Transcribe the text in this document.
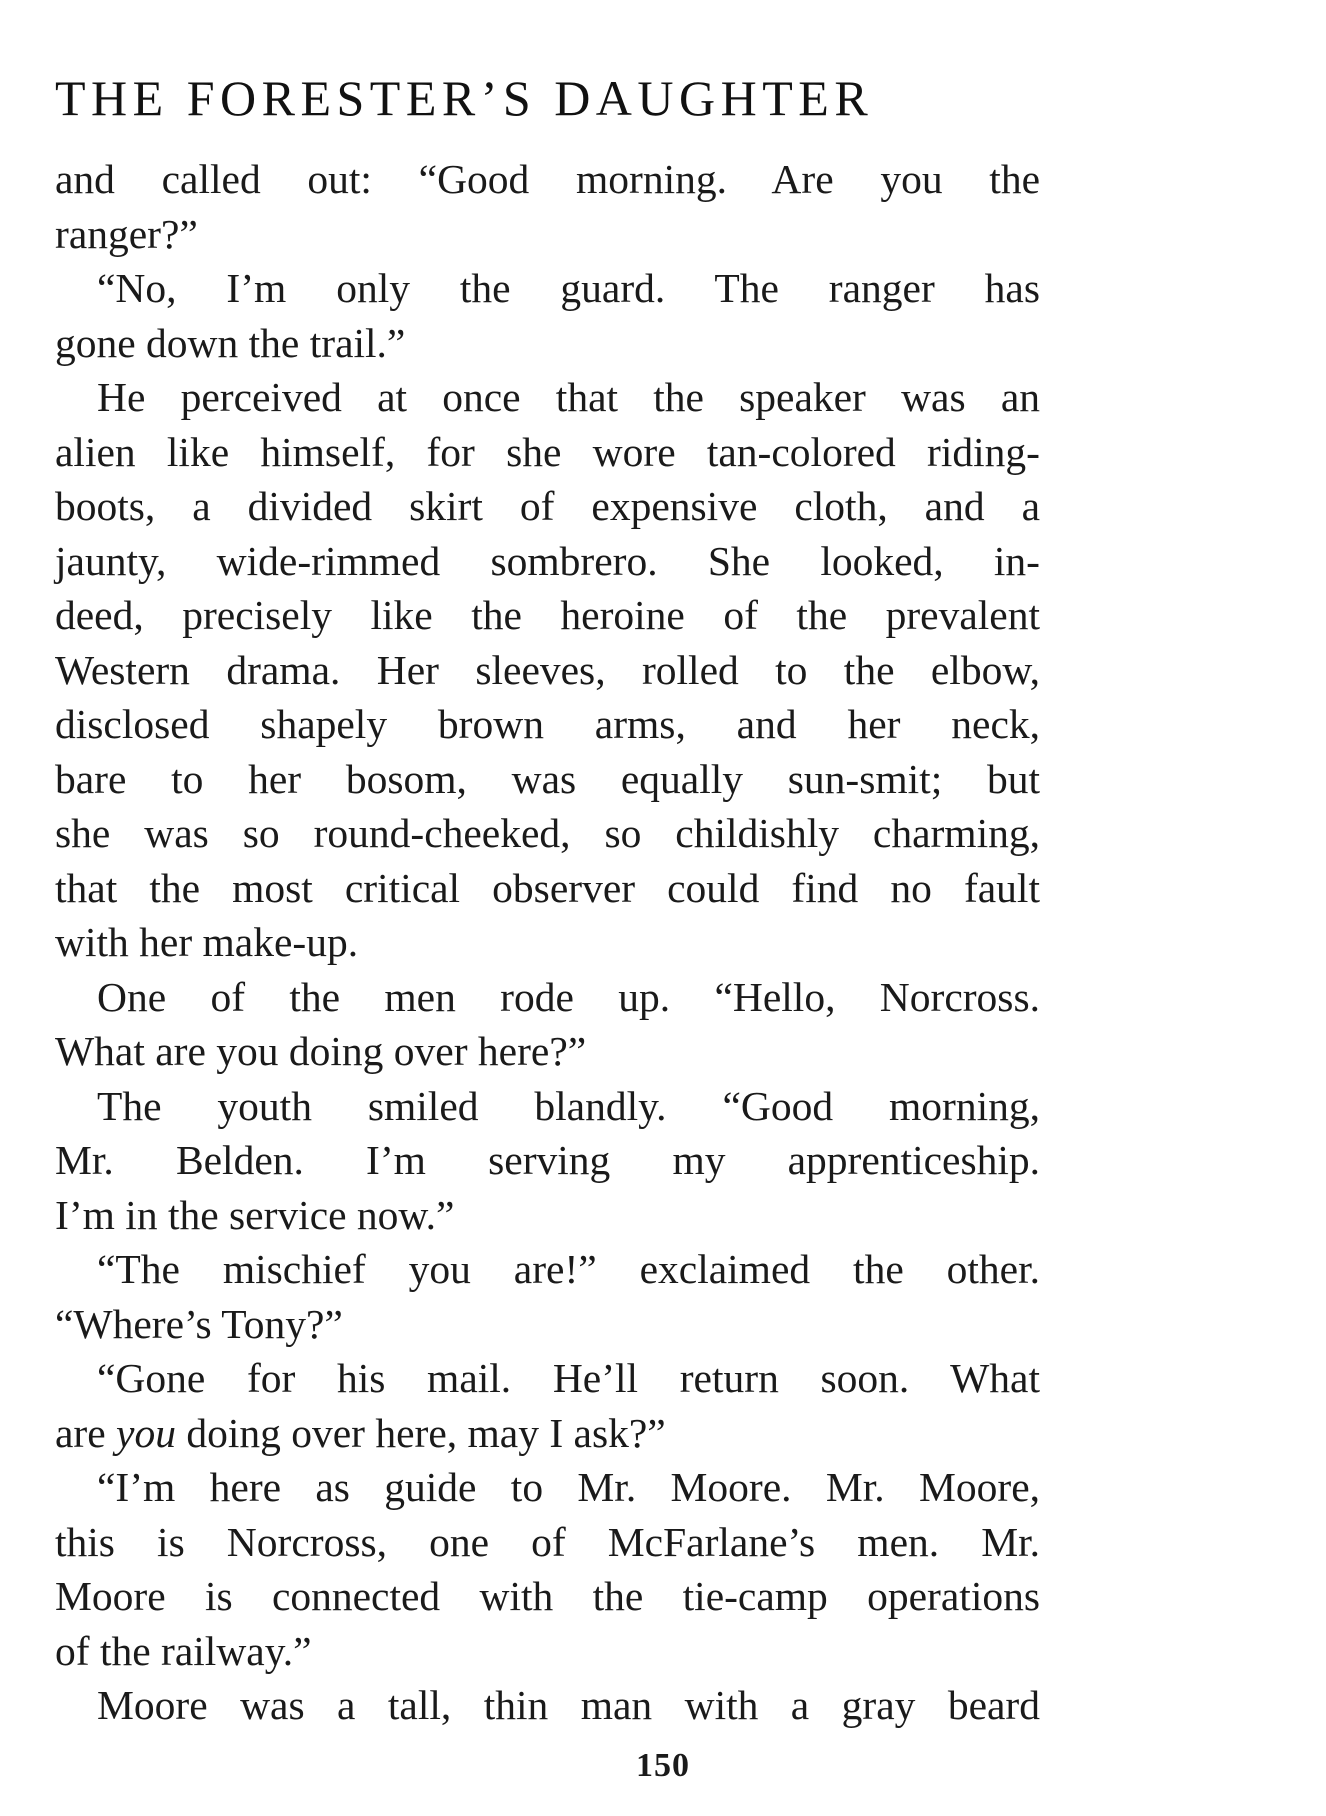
THE FORESTER’S DAUGHTER
and called out: “Good morning. Are you the
ranger?”
“No, I’m only the guard. The ranger has
gone down the trail.”
He perceived at once that the speaker was an
alien like himself, for she wore tan-colored riding-
boots, a divided skirt of expensive cloth, and a
jaunty, wide-rimmed sombrero. She looked, in-
deed, precisely like the heroine of the prevalent
Western drama. Her sleeves, rolled to the elbow,
disclosed shapely brown arms, and her neck,
bare to her bosom, was equally sun-smit; but
she was so round-cheeked, so childishly charming,
that the most critical observer could find no fault
with her make-up.
One of the men rode up. “Hello, Norcross.
What are you doing over here?”
The youth smiled blandly. “Good morning,
Mr. Belden. I’m serving my apprenticeship.
I’m in the service now.”
“The mischief you are!” exclaimed the other.
“Where’s Tony?”
“Gone for his mail. He’ll return soon. What
are you doing over here, may I ask?”
“I’m here as guide to Mr. Moore. Mr. Moore,
this is Norcross, one of McFarlane’s men. Mr.
Moore is connected with the tie-camp operations
of the railway.”
Moore was a tall, thin man with a gray beard
150
